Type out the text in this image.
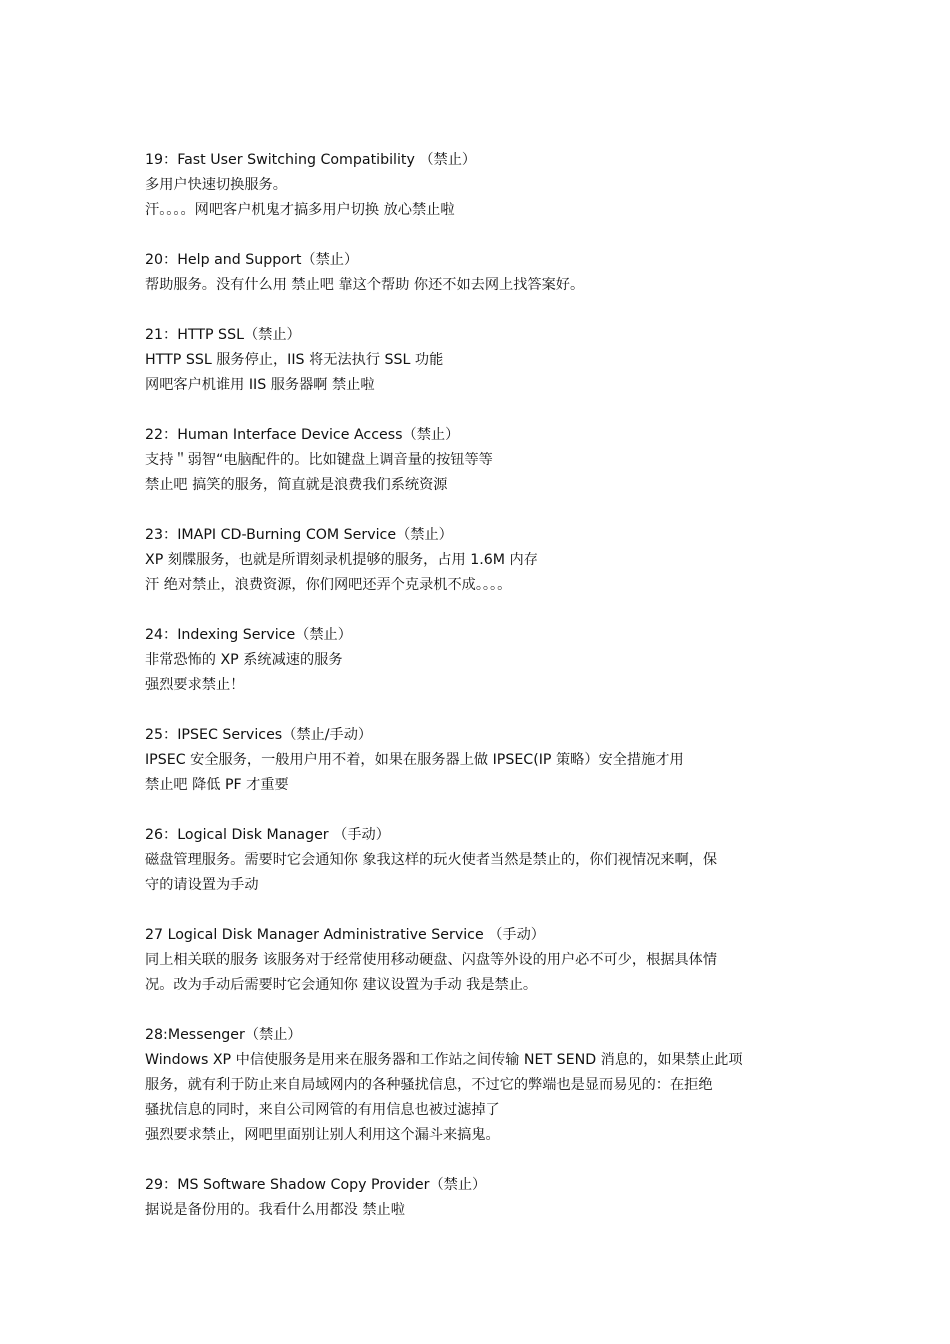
19：Fast User Switching Compatibility （禁止）
多用户快速切换服务。
汗。。。。网吧客户机鬼才搞多用户切换 放心禁止啦
20：Help and Support（禁止）
帮助服务。没有什么用 禁止吧 靠这个帮助 你还不如去网上找答案好。
21：HTTP SSL（禁止）
HTTP SSL 服务停止，IIS 将无法执行 SSL 功能
网吧客户机谁用 IIS 服务器啊 禁止啦
22：Human Interface Device Access（禁止）
支持＂弱智“电脑配件的。比如键盘上调音量的按钮等等
禁止吧 搞笑的服务，简直就是浪费我们系统资源
23：IMAPI CD-Burning COM Service（禁止）
XP 刻牒服务，也就是所谓刻录机提够的服务，占用 1.6M 内存
汗 绝对禁止，浪费资源，你们网吧还弄个克录机不成。。。。
24：Indexing Service（禁止）
非常恐怖的 XP 系统减速的服务
强烈要求禁止！
25：IPSEC Services（禁止/手动）
IPSEC 安全服务，一般用户用不着，如果在服务器上做 IPSEC(IP 策略）安全措施才用
禁止吧 降低 PF 才重要
26：Logical Disk Manager （手动）
磁盘管理服务。需要时它会通知你 象我这样的玩火使者当然是禁止的，你们视情况来啊，保
守的请设置为手动
27 Logical Disk Manager Administrative Service （手动）
同上相关联的服务 该服务对于经常使用移动硬盘、闪盘等外设的用户必不可少，根据具体情
况。改为手动后需要时它会通知你 建议设置为手动 我是禁止。
28:Messenger（禁止）
Windows XP 中信使服务是用来在服务器和工作站之间传输 NET SEND 消息的，如果禁止此项
服务，就有利于防止来自局域网内的各种骚扰信息，不过它的弊端也是显而易见的：在拒绝
骚扰信息的同时，来自公司网管的有用信息也被过滤掉了
强烈要求禁止，网吧里面别让别人利用这个漏斗来搞鬼。
29：MS Software Shadow Copy Provider（禁止）
据说是备份用的。我看什么用都没 禁止啦
